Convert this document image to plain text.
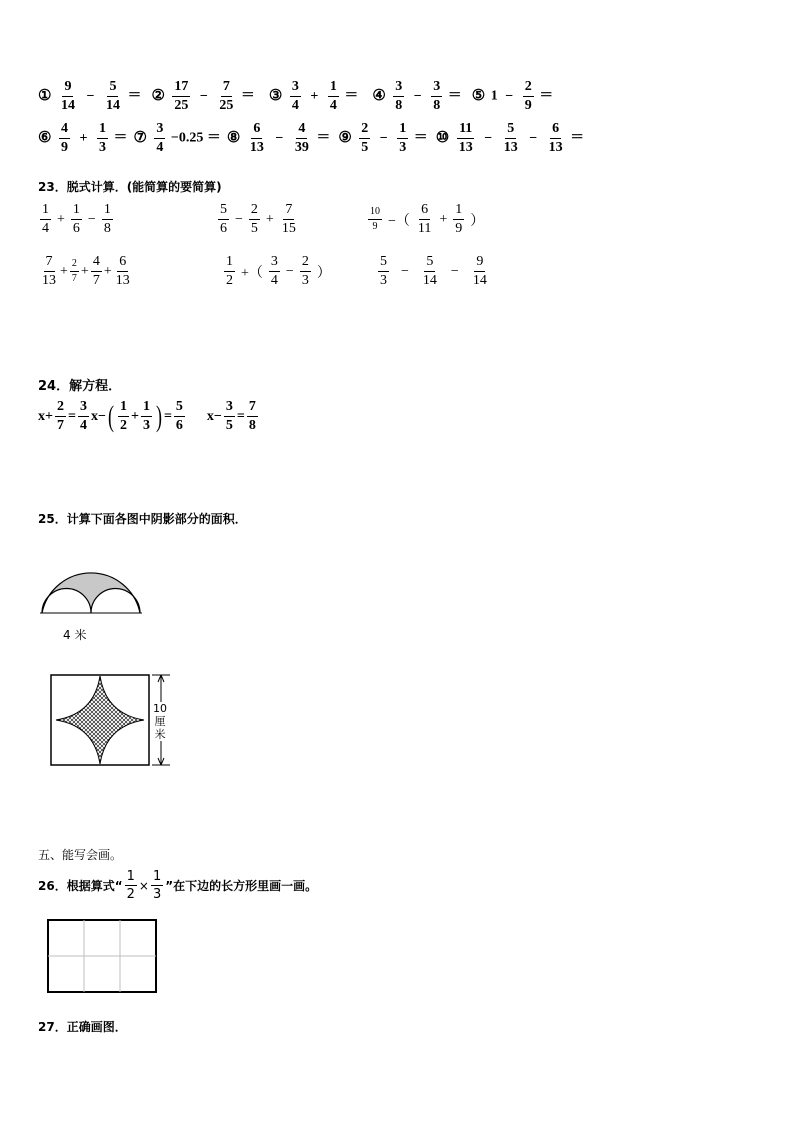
① $\frac{9}{14} - \frac{5}{14}$ ＝ ② $\frac{17}{25} - \frac{7}{25}$ ＝ ③ $\frac{3}{4} + \frac{1}{4}$ ＝ ④ $\frac{3}{8} - \frac{3}{8}$ ＝ ⑤ $1 - \frac{2}{9}$ ＝
⑥ $\frac{4}{9} + \frac{1}{3}$ ＝ ⑦ $\frac{3}{4} -0.25$ ＝ ⑧ $\frac{6}{13} - \frac{4}{39}$ ＝ ⑨ $\frac{2}{5} - \frac{1}{3}$ ＝ ⑩ $\frac{11}{13} - \frac{5}{13} - \frac{6}{13}$ ＝
23．脱式计算．(能简算的要简算)
$\frac{1}{4} + \frac{1}{6} - \frac{1}{8}$	$\frac{5}{6} - \frac{2}{5} + \frac{7}{15}$	$\frac{10}{9}$ −（ $\frac{6}{11} + \frac{1}{9}$ ）
$\frac{7}{13} + \frac{2}{7} + \frac{4}{7} + \frac{6}{13}$	$\frac{1}{2}$ +（ $\frac{3}{4} - \frac{2}{3}$ ）	$\frac{5}{3} - \frac{5}{14} - \frac{9}{14}$
24．解方程．
$x+ \frac{2}{7} = \frac{3}{4} x-$ ( $\frac{1}{2} + \frac{1}{3}$ ) = $\frac{5}{6} x- \frac{3}{5} = \frac{7}{8}$
25．计算下面各图中阴影部分的面积．
4 米
10
厘
米
五、能写会画。
26．根据算式“ $\frac{1}{2} \times \frac{1}{3}$ ”在下边的长方形里画一画。
27．正确画图．
